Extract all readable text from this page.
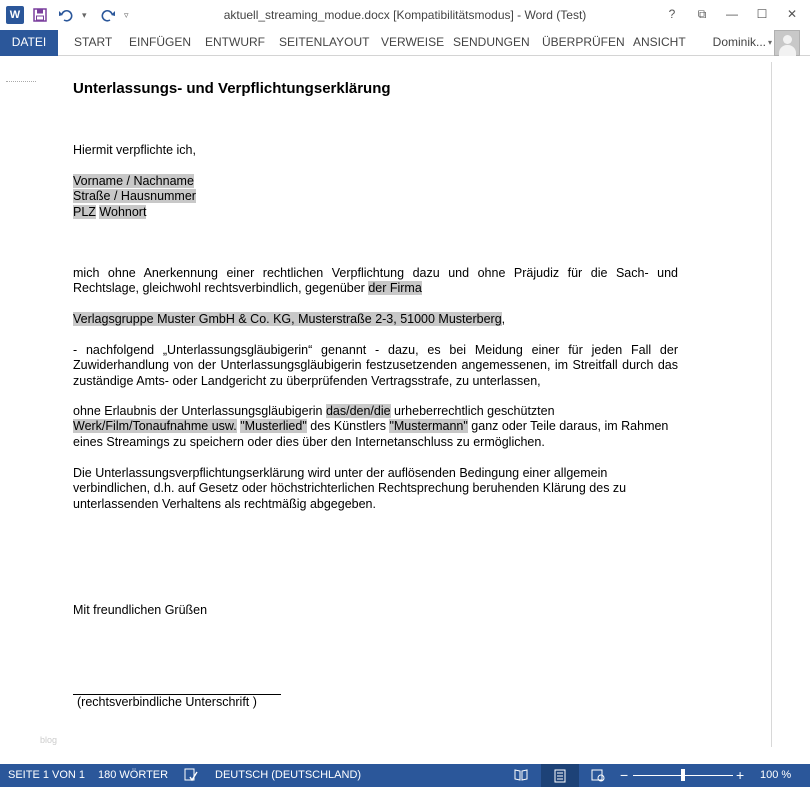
W	▾	▿	aktuell_streaming_modue.docx [Kompatibilitätsmodus] - Word (Test)	?	⧉	—	☐	✕
DATEI	START	EINFÜGEN	ENTWURF	SEITENLAYOUT VERWEISE SENDUNGEN	ÜBERPRÜFEN ANSICHT	Dominik... ▾
Unterlassungs- und Verpflichtungserklärung
Hiermit verpflichte ich,
Vorname / Nachname
Straße / Hausnummer
PLZ Wohnort
mich ohne Anerkennung einer rechtlichen Verpflichtung dazu und ohne Präjudiz für die Sach- und Rechtslage, gleichwohl rechtsverbindlich, gegenüber der Firma
Verlagsgruppe Muster GmbH & Co. KG, Musterstraße 2-3, 51000 Musterberg,
- nachfolgend „Unterlassungsgläubigerin“ genannt - dazu, es bei Meidung einer für jeden Fall der Zuwiderhandlung von der Unterlassungsgläubigerin festzusetzenden angemessenen, im Streitfall durch das zuständige Amts- oder Landgericht zu überprüfenden Vertragsstrafe, zu unterlassen,
ohne Erlaubnis der Unterlassungsgläubigerin das/den/die urheberrechtlich geschützten
Werk/Film/Tonaufnahme usw. "Musterlied" des Künstlers "Mustermann" ganz oder Teile daraus, im Rahmen eines Streamings zu speichern oder dies über den Internetanschluss zu ermöglichen.
Die Unterlassungsverpflichtungserklärung wird unter der auflösenden Bedingung einer allgemein verbindlichen, d.h. auf Gesetz oder höchstrichterlichen Rechtsprechung beruhenden Klärung des zu unterlassenden Verhaltens als rechtmäßig abgegeben.
Mit freundlichen Grüßen
(rechtsverbindliche Unterschrift )
blog
SEITE 1 VON 1 180 WÖRTER	DEUTSCH (DEUTSCHLAND)	−	+ 100 %
